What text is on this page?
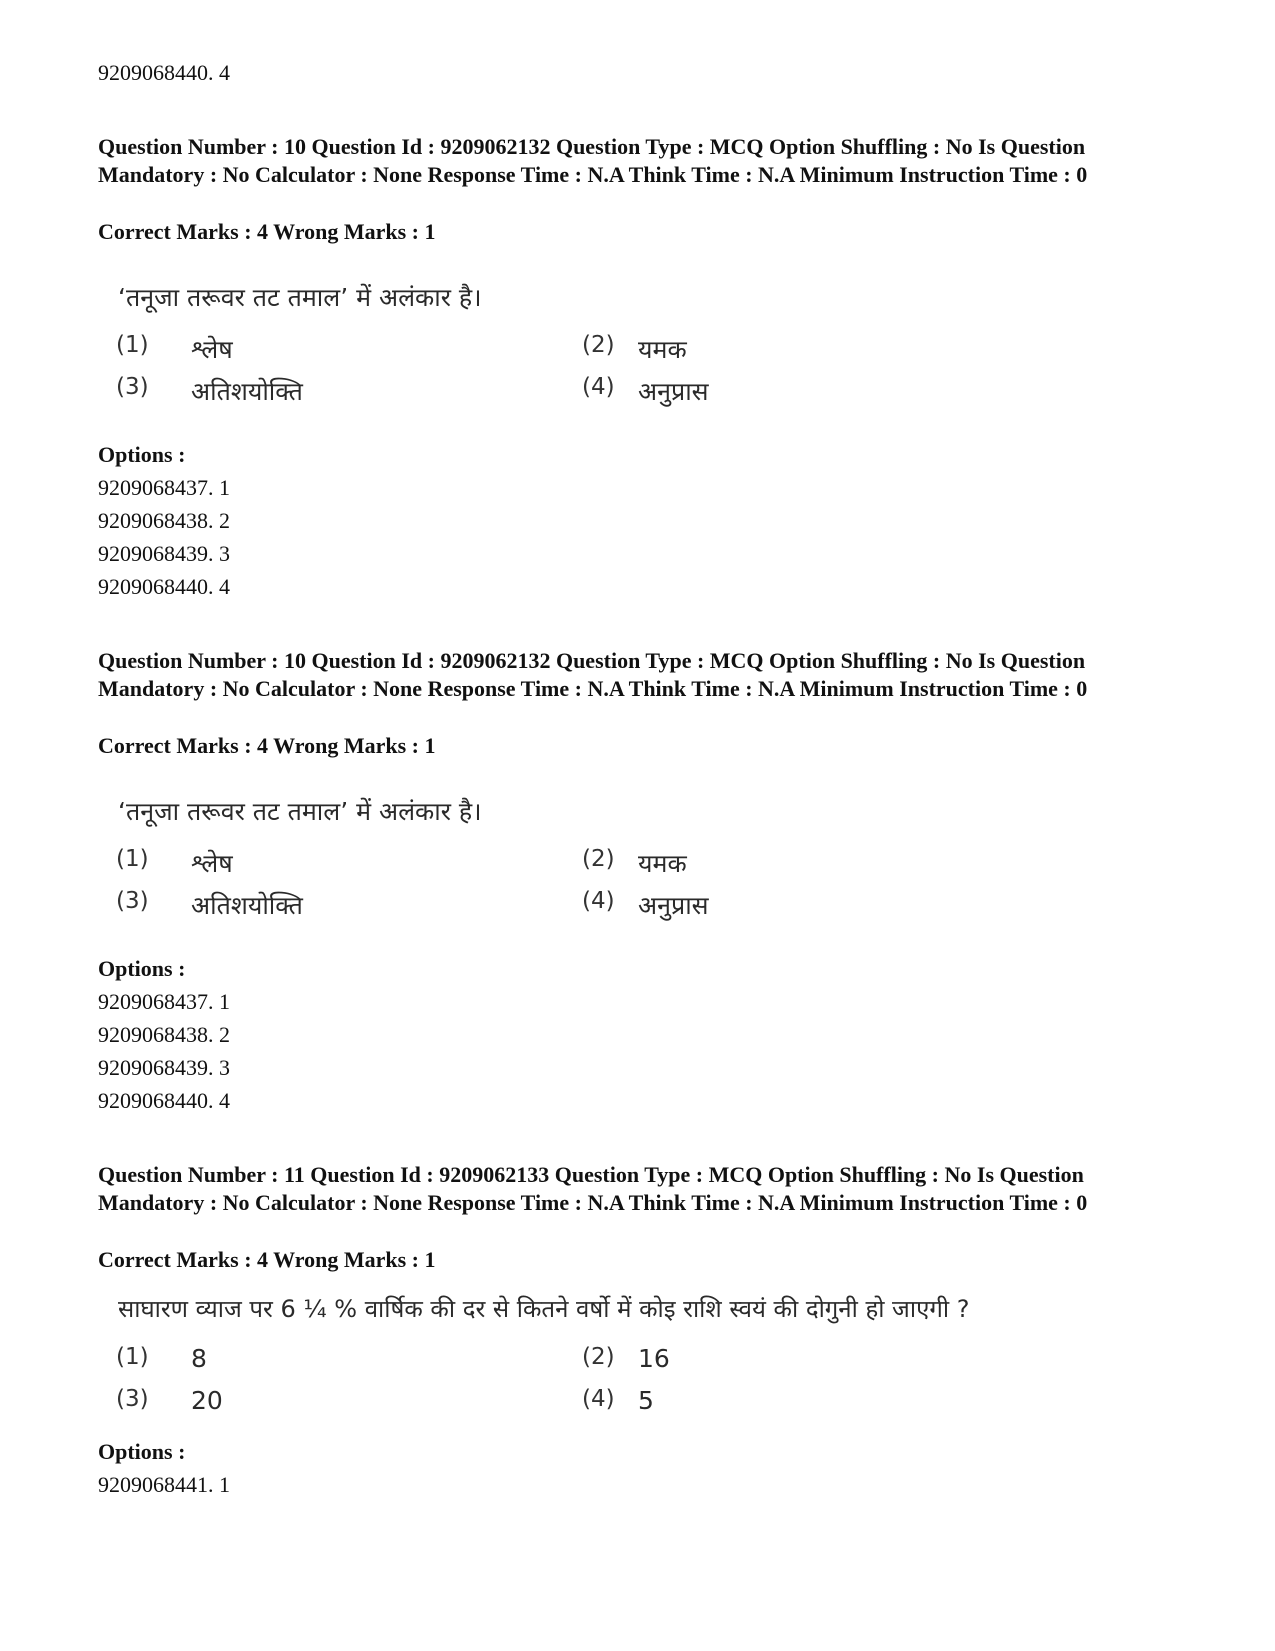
9209068440. 4
Question Number : 10 Question Id : 9209062132 Question Type : MCQ Option Shuffling : No Is Question Mandatory : No Calculator : None Response Time : N.A Think Time : N.A Minimum Instruction Time : 0
Correct Marks : 4 Wrong Marks : 1
‘तनूजा तरूवर तट तमाल’ में अलंकार है।
(1) श्लेष	(2) यमक
(3) अतिशयोक्ति	(4) अनुप्रास
Options :
9209068437. 1
9209068438. 2
9209068439. 3
9209068440. 4
Question Number : 10 Question Id : 9209062132 Question Type : MCQ Option Shuffling : No Is Question Mandatory : No Calculator : None Response Time : N.A Think Time : N.A Minimum Instruction Time : 0
Correct Marks : 4 Wrong Marks : 1
‘तनूजा तरूवर तट तमाल’ में अलंकार है।
(1) श्लेष	(2) यमक
(3) अतिशयोक्ति	(4) अनुप्रास
Options :
9209068437. 1
9209068438. 2
9209068439. 3
9209068440. 4
Question Number : 11 Question Id : 9209062133 Question Type : MCQ Option Shuffling : No Is Question Mandatory : No Calculator : None Response Time : N.A Think Time : N.A Minimum Instruction Time : 0
Correct Marks : 4 Wrong Marks : 1
साघारण व्याज पर 6 ¼ % वार्षिक की दर से कितने वर्षो में कोइ राशि स्वयं की दोगुनी हो जाएगी ?
(1) 8	(2) 16
(3) 20	(4) 5
Options :
9209068441. 1
